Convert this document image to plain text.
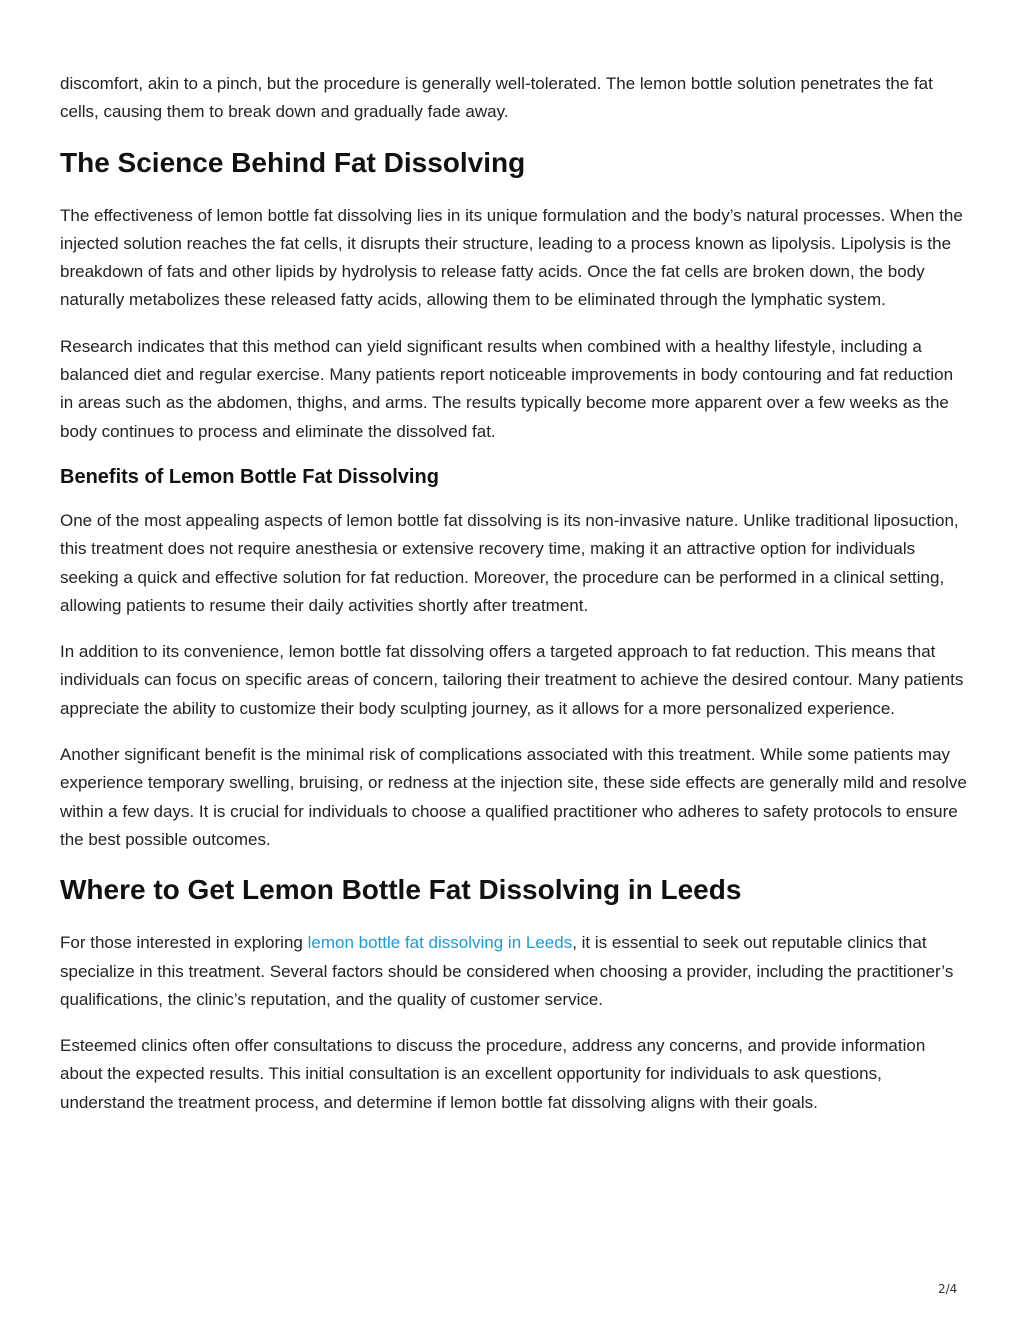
discomfort, akin to a pinch, but the procedure is generally well-tolerated. The lemon bottle solution penetrates the fat cells, causing them to break down and gradually fade away.

The Science Behind Fat Dissolving

The effectiveness of lemon bottle fat dissolving lies in its unique formulation and the body’s natural processes. When the injected solution reaches the fat cells, it disrupts their structure, leading to a process known as lipolysis. Lipolysis is the breakdown of fats and other lipids by hydrolysis to release fatty acids. Once the fat cells are broken down, the body naturally metabolizes these released fatty acids, allowing them to be eliminated through the lymphatic system.

Research indicates that this method can yield significant results when combined with a healthy lifestyle, including a balanced diet and regular exercise. Many patients report noticeable improvements in body contouring and fat reduction in areas such as the abdomen, thighs, and arms. The results typically become more apparent over a few weeks as the body continues to process and eliminate the dissolved fat.

Benefits of Lemon Bottle Fat Dissolving

One of the most appealing aspects of lemon bottle fat dissolving is its non-invasive nature. Unlike traditional liposuction, this treatment does not require anesthesia or extensive recovery time, making it an attractive option for individuals seeking a quick and effective solution for fat reduction. Moreover, the procedure can be performed in a clinical setting, allowing patients to resume their daily activities shortly after treatment.

In addition to its convenience, lemon bottle fat dissolving offers a targeted approach to fat reduction. This means that individuals can focus on specific areas of concern, tailoring their treatment to achieve the desired contour. Many patients appreciate the ability to customize their body sculpting journey, as it allows for a more personalized experience.

Another significant benefit is the minimal risk of complications associated with this treatment. While some patients may experience temporary swelling, bruising, or redness at the injection site, these side effects are generally mild and resolve within a few days. It is crucial for individuals to choose a qualified practitioner who adheres to safety protocols to ensure the best possible outcomes.

Where to Get Lemon Bottle Fat Dissolving in Leeds

For those interested in exploring lemon bottle fat dissolving in Leeds, it is essential to seek out reputable clinics that specialize in this treatment. Several factors should be considered when choosing a provider, including the practitioner’s qualifications, the clinic’s reputation, and the quality of customer service.

Esteemed clinics often offer consultations to discuss the procedure, address any concerns, and provide information about the expected results. This initial consultation is an excellent opportunity for individuals to ask questions, understand the treatment process, and determine if lemon bottle fat dissolving aligns with their goals.

2/4
